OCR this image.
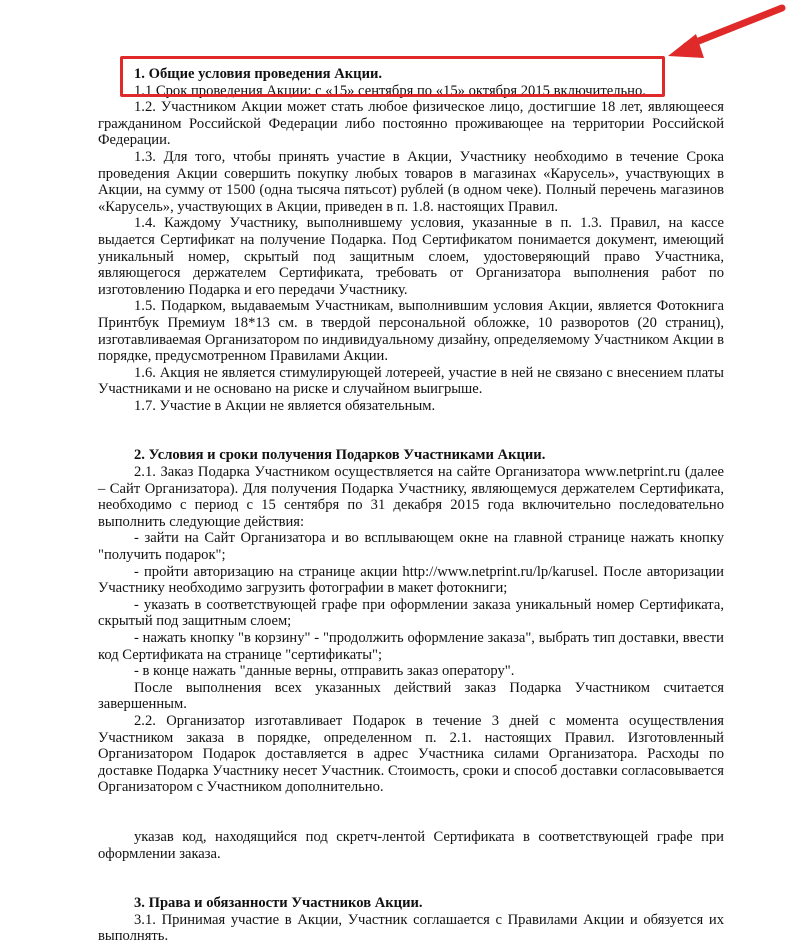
1. Общие условия проведения Акции.

1.1 Срок проведения Акции: с «15» сентября по «15» октября 2015 включительно.

1.2. Участником Акции может стать любое физическое лицо, достигшие 18 лет, являющееся гражданином Российской Федерации либо постоянно проживающее на территории Российской Федерации.

1.3. Для того, чтобы принять участие в Акции, Участнику необходимо в течение Срока проведения Акции совершить покупку любых товаров в магазинах «Карусель», участвующих в Акции, на сумму от 1500 (одна тысяча пятьсот) рублей (в одном чеке). Полный перечень магазинов «Карусель», участвующих в Акции, приведен в п. 1.8. настоящих Правил.

1.4. Каждому Участнику, выполнившему условия, указанные в п. 1.3. Правил, на кассе выдается Сертификат на получение Подарка. Под Сертификатом понимается документ, имеющий уникальный номер, скрытый под защитным слоем, удостоверяющий право Участника, являющегося держателем Сертификата, требовать от Организатора выполнения работ по изготовлению Подарка и его передачи Участнику.

1.5. Подарком, выдаваемым Участникам, выполнившим условия Акции, является Фотокнига Принтбук Премиум 18*13 см. в твердой персональной обложке, 10 разворотов (20 страниц), изготавливаемая Организатором по индивидуальному дизайну, определяемому Участником Акции в порядке, предусмотренном Правилами Акции.

1.6. Акция не является стимулирующей лотереей, участие в ней не связано с внесением платы Участниками и не основано на риске и случайном выигрыше.

1.7. Участие в Акции не является обязательным.

2. Условия и сроки получения Подарков Участниками Акции.

2.1. Заказ Подарка Участником осуществляется на сайте Организатора www.netprint.ru (далее – Сайт Организатора). Для получения Подарка Участнику, являющемуся держателем Сертификата, необходимо с период с 15 сентября по 31 декабря 2015 года включительно последовательно выполнить следующие действия:

- зайти на Сайт Организатора и во всплывающем окне на главной странице нажать кнопку "получить подарок";

- пройти авторизацию на странице акции http://www.netprint.ru/lp/karusel. После авторизации Участнику необходимо загрузить фотографии в макет фотокниги;

- указать в соответствующей графе при оформлении заказа уникальный номер Сертификата, скрытый под защитным слоем;

- нажать кнопку "в корзину" - "продолжить оформление заказа", выбрать тип доставки, ввести код Сертификата на странице "сертификаты";

- в конце нажать "данные верны, отправить заказ оператору".

После выполнения всех указанных действий заказ Подарка Участником считается завершенным.

2.2. Организатор изготавливает Подарок в течение 3 дней с момента осуществления Участником заказа в порядке, определенном п. 2.1. настоящих Правил. Изготовленный Организатором Подарок доставляется в адрес Участника силами Организатора. Расходы по доставке Подарка Участнику несет Участник. Стоимость, сроки и способ доставки согласовывается Организатором с Участником дополнительно.

указав код, находящийся под скретч-лентой Сертификата в соответствующей графе при оформлении заказа.

3. Права и обязанности Участников Акции.

3.1. Принимая участие в Акции, Участник соглашается с Правилами Акции и обязуется их выполнять.
